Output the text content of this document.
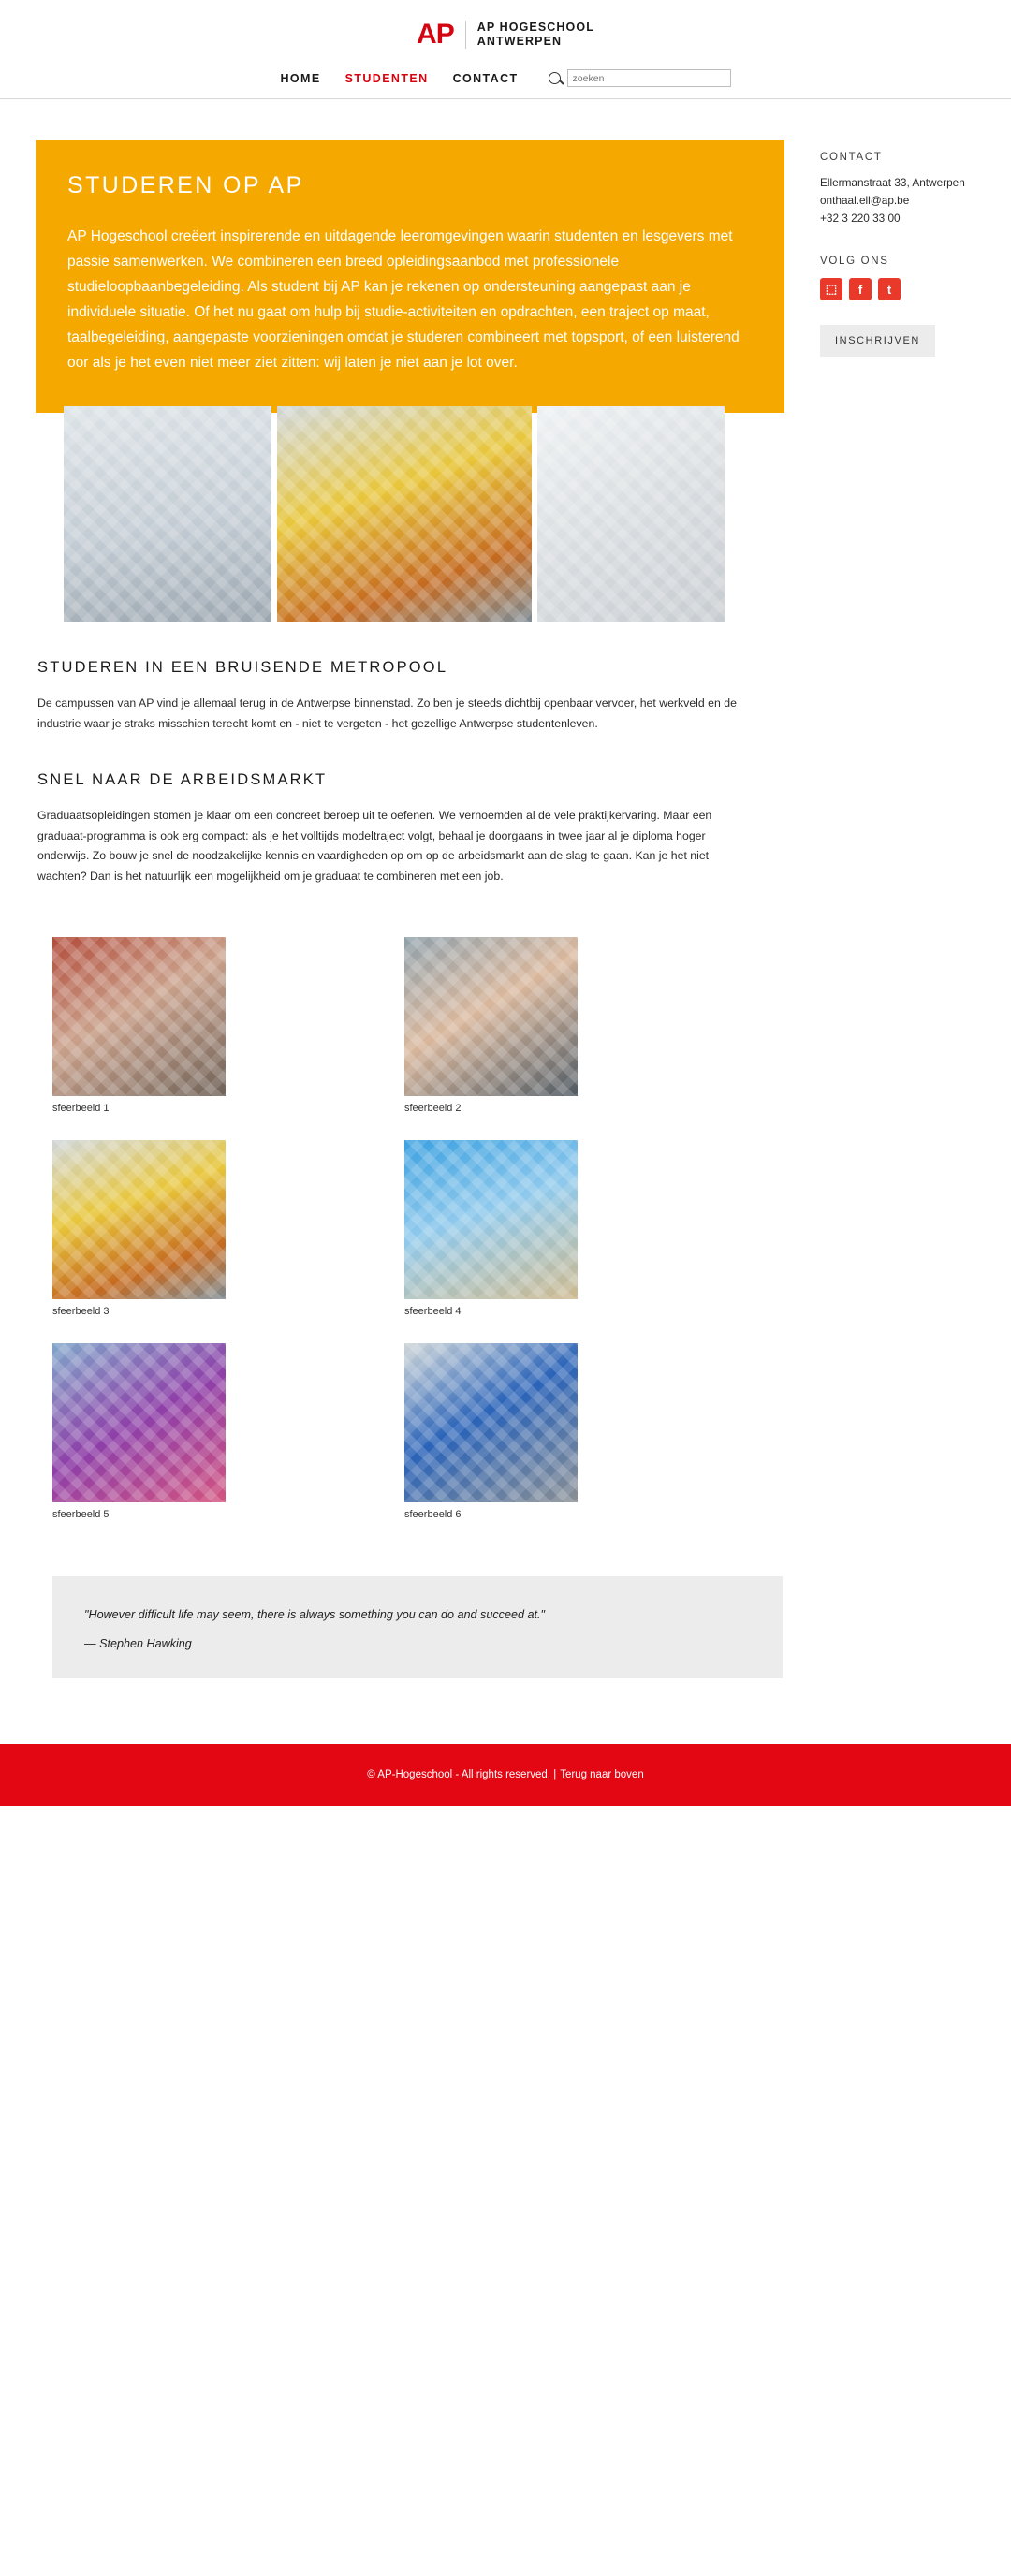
AP AP HOGESCHOOL
ANTWERPEN
HOME STUDENTEN CONTACT
zoeken
STUDEREN OP AP

AP Hogeschool creëert inspirerende en uitdagende leeromgevingen waarin studenten en lesgevers met passie samenwerken. We combineren een breed opleidingsaanbod met professionele studieloopbaanbegeleiding. Als student bij AP kan je rekenen op ondersteuning aangepast aan je individuele situatie. Of het nu gaat om hulp bij studie-activiteiten en opdrachten, een traject op maat, taalbegeleiding, aangepaste voorzieningen omdat je studeren combineert met topsport, of een luisterend oor als je het even niet meer ziet zitten: wij laten je niet aan je lot over.

STUDEREN IN EEN BRUISENDE METROPOOL

De campussen van AP vind je allemaal terug in de Antwerpse binnenstad. Zo ben je steeds dichtbij openbaar vervoer, het werkveld en de industrie waar je straks misschien terecht komt en - niet te vergeten - het gezellige Antwerpse studentenleven.

SNEL NAAR DE ARBEIDSMARKT

Graduaatsopleidingen stomen je klaar om een concreet beroep uit te oefenen. We vernoemden al de vele praktijkervaring. Maar een graduaat-programma is ook erg compact: als je het volltijds modeltraject volgt, behaal je doorgaans in twee jaar al je diploma hoger onderwijs. Zo bouw je snel de noodzakelijke kennis en vaardigheden op om op de arbeidsmarkt aan de slag te gaan. Kan je het niet wachten? Dan is het natuurlijk een mogelijkheid om je graduaat te combineren met een job.

sfeerbeeld 1	sfeerbeeld 2
sfeerbeeld 3	sfeerbeeld 4
sfeerbeeld 5	sfeerbeeld 6
"However difficult life may seem, there is always something you can do and succeed at."
— Stephen Hawking
CONTACT
Ellermanstraat 33, Antwerpen
onthaal.ell@ap.be
+32 3 220 33 00
VOLG ONS
⬚	f	t
INSCHRIJVEN
© AP-Hogeschool - All rights reserved. | Terug naar boven
